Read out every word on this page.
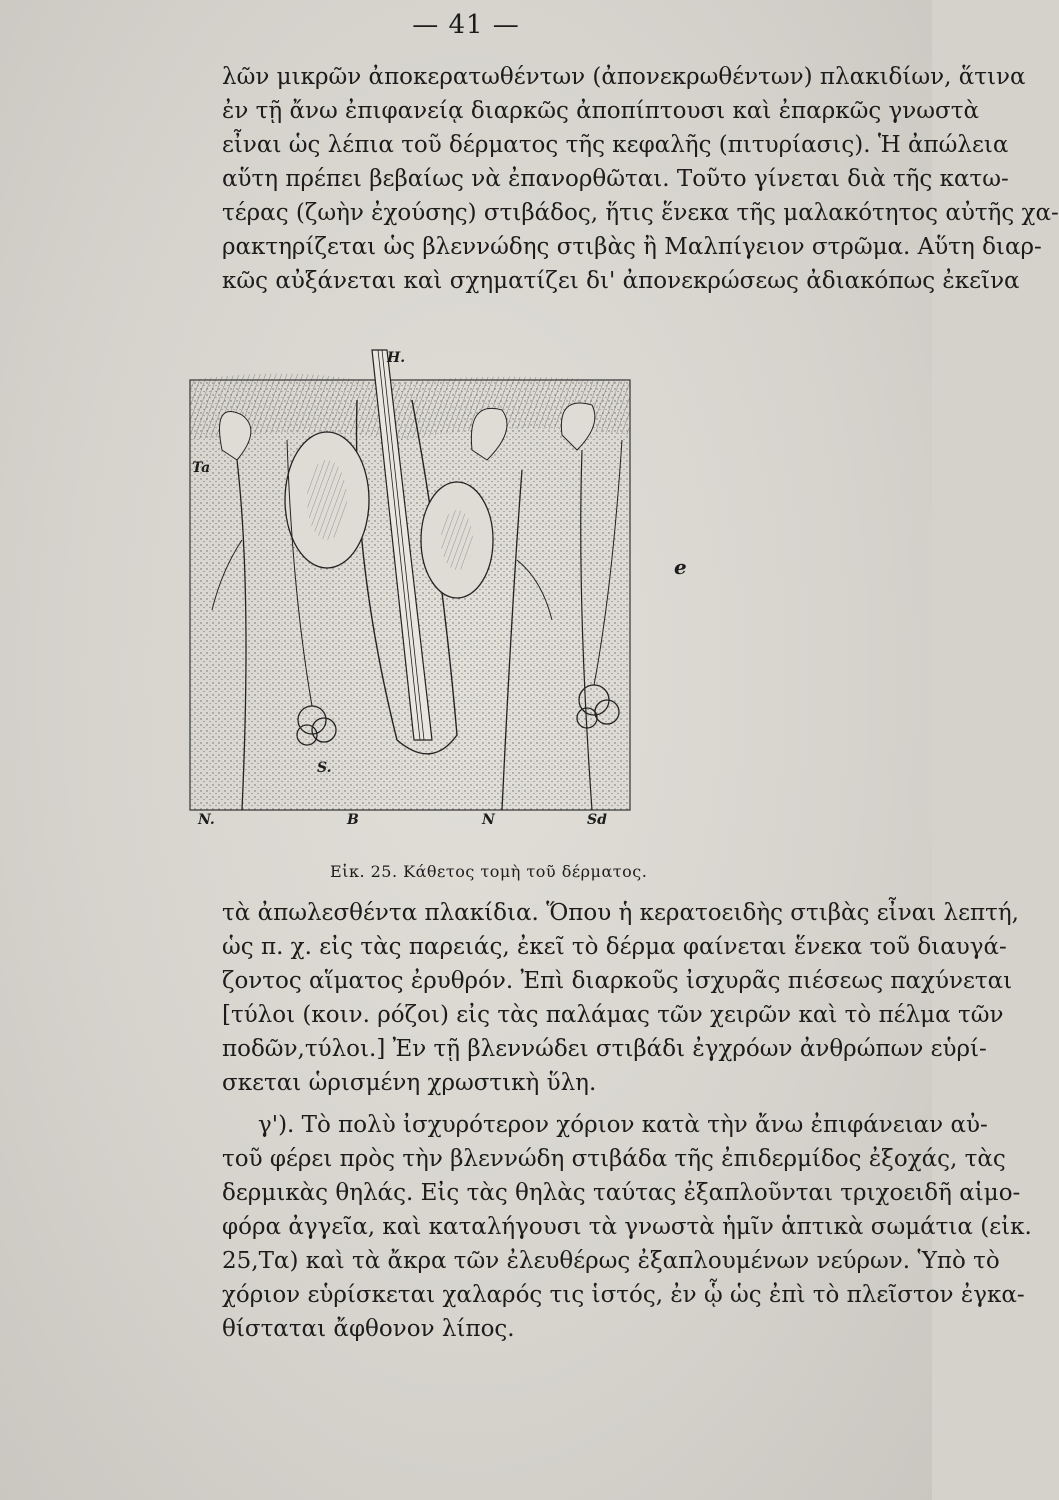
— 41 —
λῶν μικρῶν ἀποκερατωθέντων (ἀπονεκρωθέντων) πλακιδίων, ἅτινα
ἐν τῇ ἄνω ἐπιφανείᾳ διαρκῶς ἀποπίπτουσι καὶ ἐπαρκῶς γνωστὰ
εἶναι ὡς λέπια τοῦ δέρματος τῆς κεφαλῆς (πιτυρίασις). Ἡ ἀπώλεια
αὕτη πρέπει βεβαίως νὰ ἐπανορθῶται. Τοῦτο γίνεται διὰ τῆς κατω-
τέρας (ζωὴν ἐχούσης) στιβάδος, ἥτις ἕνεκα τῆς μαλακότητος αὐτῆς χα-
ρακτηρίζεται ὡς βλεννώδης στιβὰς ἢ Μαλπίγειον στρῶμα. Αὕτη διαρ-
κῶς αὐξάνεται καὶ σχηματίζει δι' ἀπονεκρώσεως ἀδιακόπως ἐκεῖνα
Η.
Ta
S.
N.	B	N	Sd
e
Εἰκ. 25. Κάθετος τομὴ τοῦ δέρματος.
τὰ ἀπωλεσθέντα πλακίδια. Ὅπου ἡ κερατοειδὴς στιβὰς εἶναι λεπτή,
ὡς π. χ. εἰς τὰς παρειάς, ἐκεῖ τὸ δέρμα φαίνεται ἕνεκα τοῦ διαυγά-
ζοντος αἵματος ἐρυθρόν. Ἐπὶ διαρκοῦς ἰσχυρᾶς πιέσεως παχύνεται
[τύλοι (κοιν. ρόζοι) εἰς τὰς παλάμας τῶν χειρῶν καὶ τὸ πέλμα τῶν
ποδῶν,τύλοι.] Ἐν τῇ βλεννώδει στιβάδι ἐγχρόων ἀνθρώπων εὑρί-
σκεται ὡρισμένη χρωστικὴ ὕλη.
γ'). Τὸ πολὺ ἰσχυρότερον χόριον κατὰ τὴν ἄνω ἐπιφάνειαν αὐ-
τοῦ φέρει πρὸς τὴν βλεννώδη στιβάδα τῆς ἐπιδερμίδος ἐξοχάς, τὰς
δερμικὰς θηλάς. Εἰς τὰς θηλὰς ταύτας ἐξαπλοῦνται τριχοειδῆ αἱμο-
φόρα ἀγγεῖα, καὶ καταλήγουσι τὰ γνωστὰ ἡμῖν ἁπτικὰ σωμάτια (εἰκ.
25,Τα) καὶ τὰ ἄκρα τῶν ἐλευθέρως ἐξαπλουμένων νεύρων. Ὑπὸ τὸ
χόριον εὑρίσκεται χαλαρός τις ἱστός, ἐν ᾧ ὡς ἐπὶ τὸ πλεῖστον ἐγκα-
θίσταται ἄφθονον λίπος.
